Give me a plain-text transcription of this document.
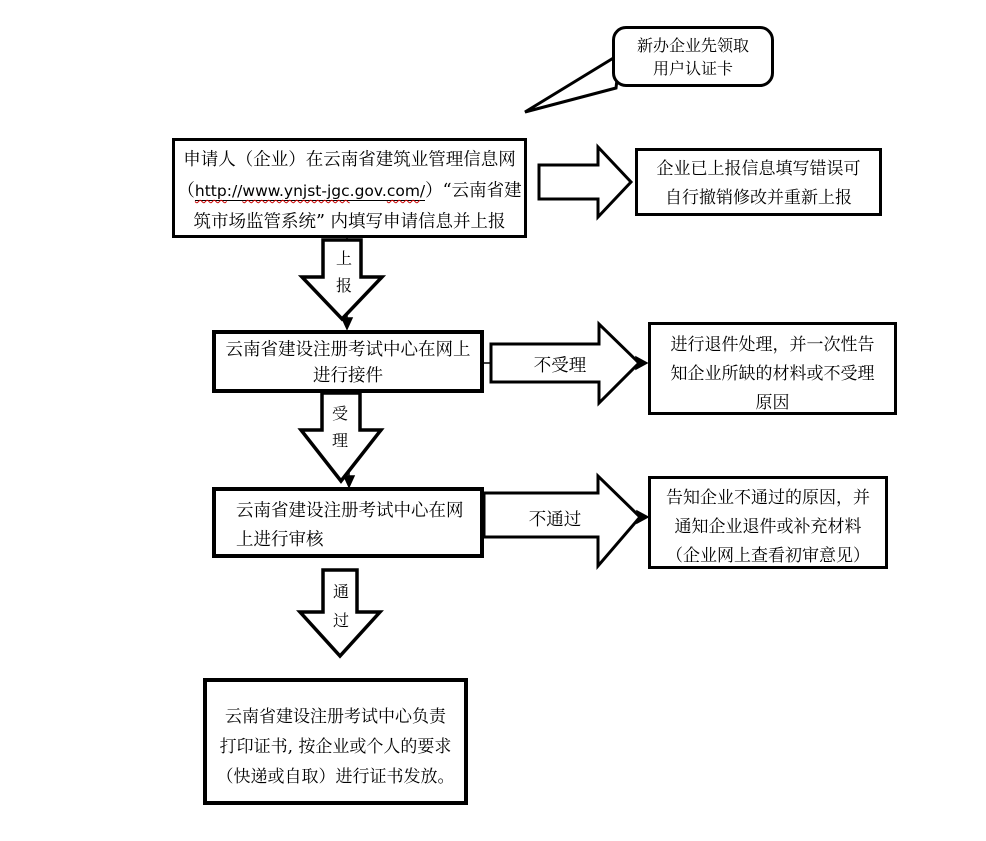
新办企业先领取
用户认证卡
申请人（企业）在云南省建筑业管理信息网
（http://www.ynjst-jgc.gov.com/）“云南省建
筑市场监管系统” 内填写申请信息并上报
企业已上报信息填写错误可
自行撤销修改并重新上报
云南省建设注册考试中心在网上
进行接件
进行退件处理，并一次性告
知企业所缺的材料或不受理
原因
云南省建设注册考试中心在网
上进行审核
告知企业不通过的原因，并
通知企业退件或补充材料
（企业网上查看初审意见）
云南省建设注册考试中心负责
打印证书, 按企业或个人的要求
（快递或自取）进行证书发放。
上报
受理
通过
不受理
不通过
